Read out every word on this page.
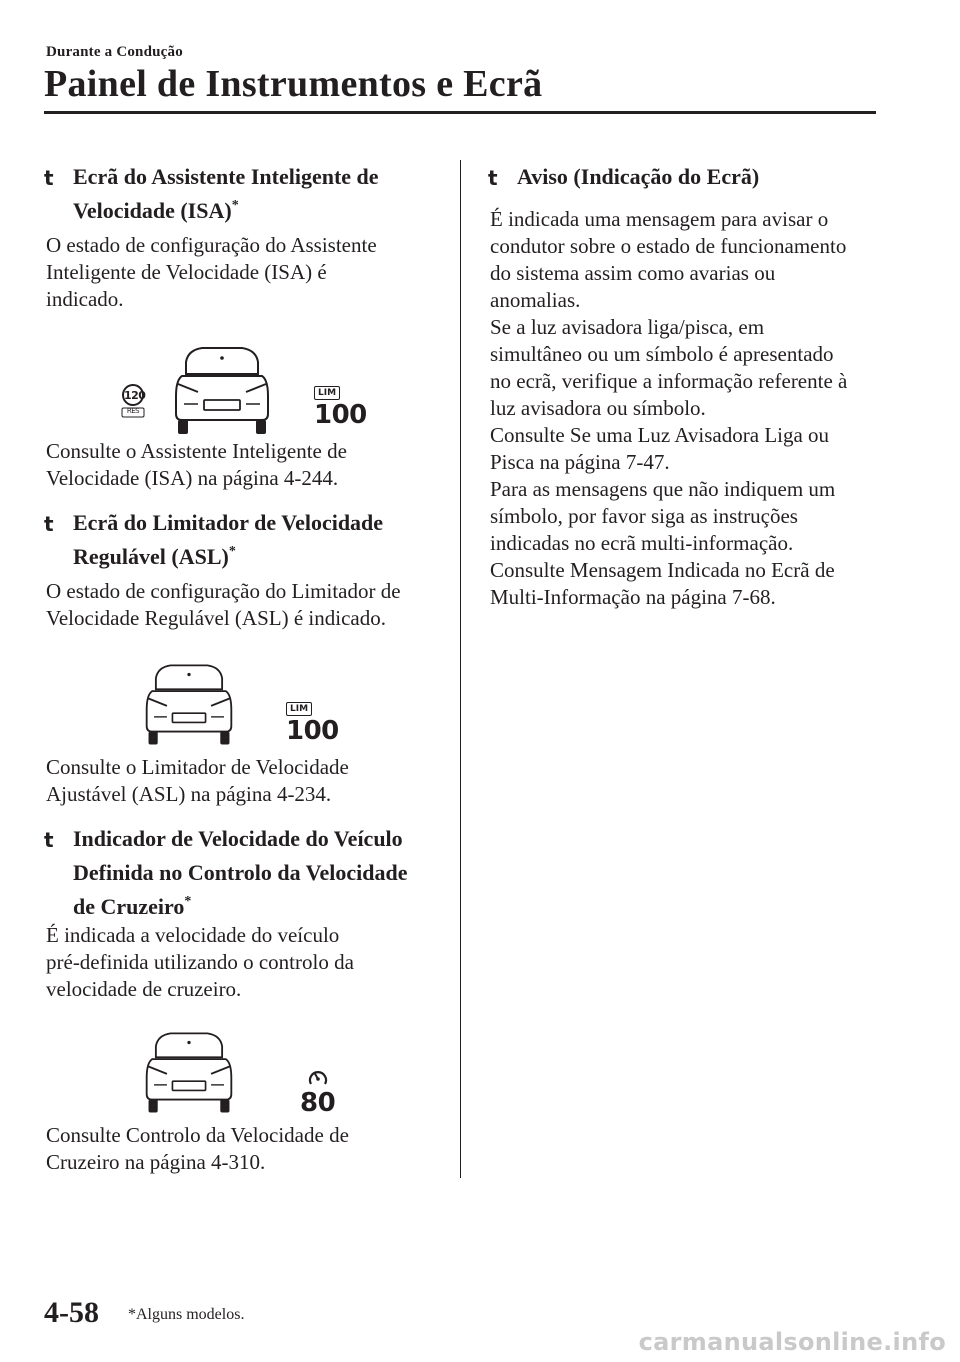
Durante a Condução
Painel de Instrumentos e Ecrã
t Ecrã do Assistente Inteligente de
Velocidade (ISA)*
O estado de configuração do Assistente
Inteligente de Velocidade (ISA) é
indicado.
120
RES
LIM
100
Consulte o Assistente Inteligente de
Velocidade (ISA) na página 4-244.
t Ecrã do Limitador de Velocidade
Regulável (ASL)*
O estado de configuração do Limitador de
Velocidade Regulável (ASL) é indicado.
LIM
100
Consulte o Limitador de Velocidade
Ajustável (ASL) na página 4-234.
t Indicador de Velocidade do Veículo
Definida no Controlo da Velocidade
de Cruzeiro*
É indicada a velocidade do veículo
pré-definida utilizando o controlo da
velocidade de cruzeiro.
80
Consulte Controlo da Velocidade de
Cruzeiro na página 4-310.
t Aviso (Indicação do Ecrã)
É indicada uma mensagem para avisar o
condutor sobre o estado de funcionamento
do sistema assim como avarias ou
anomalias.
Se a luz avisadora liga/pisca, em
simultâneo ou um símbolo é apresentado
no ecrã, verifique a informação referente à
luz avisadora ou símbolo.
Consulte Se uma Luz Avisadora Liga ou
Pisca na página 7-47.
Para as mensagens que não indiquem um
símbolo, por favor siga as instruções
indicadas no ecrã multi-informação.
Consulte Mensagem Indicada no Ecrã de
Multi-Informação na página 7-68.
4-58 *Alguns modelos.
carmanualsonline.info
